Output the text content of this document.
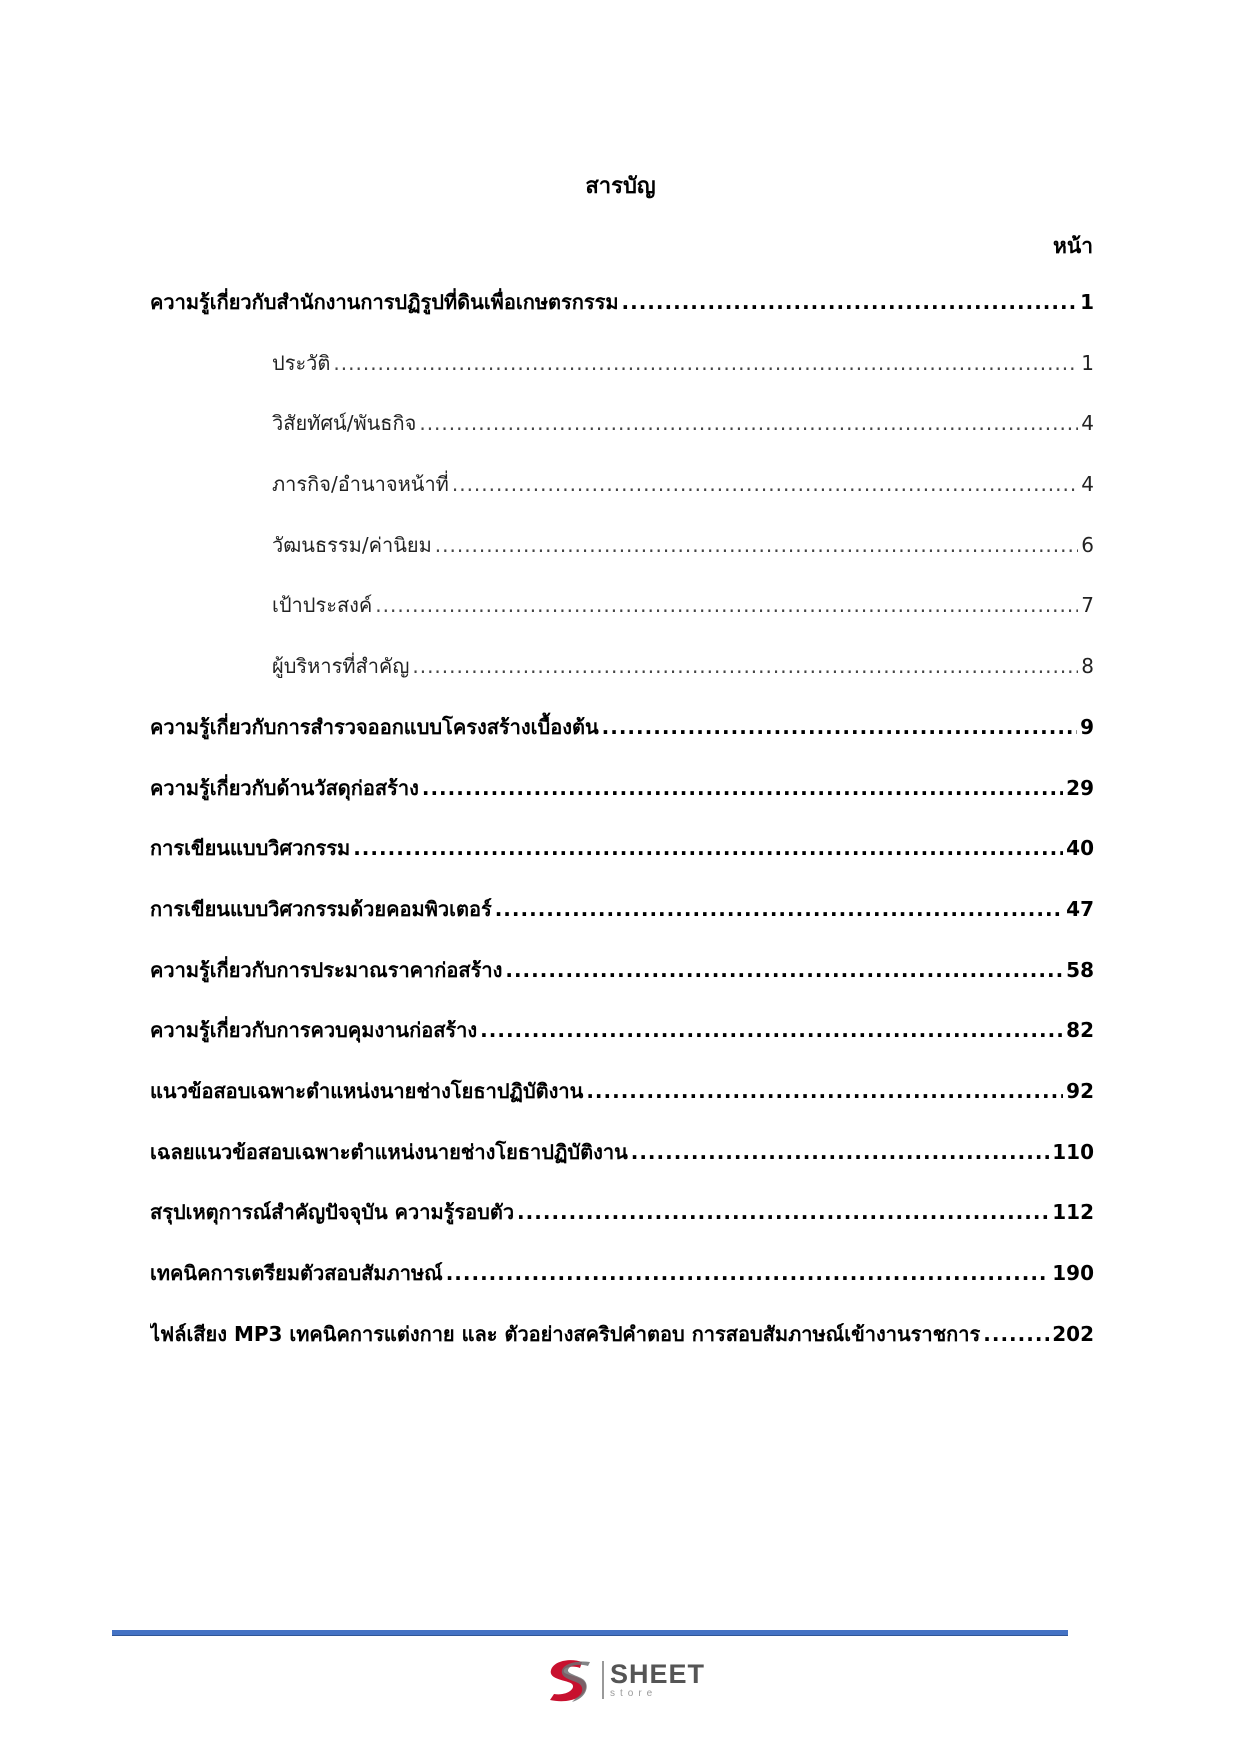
สารบัญ
หน้า
ความรู้เกี่ยวกับสำนักงานการปฏิรูปที่ดินเพื่อเกษตรกรรม .....	1
ประวัติ .....	1
วิสัยทัศน์/พันธกิจ .....	4
ภารกิจ/อำนาจหน้าที่ .....	4
วัฒนธรรม/ค่านิยม .....	6
เป้าประสงค์ .....	7
ผู้บริหารที่สำคัญ .....	8
ความรู้เกี่ยวกับการสำรวจออกแบบโครงสร้างเบื้องต้น .....	9
ความรู้เกี่ยวกับด้านวัสดุก่อสร้าง .....	29
การเขียนแบบวิศวกรรม .....	40
การเขียนแบบวิศวกรรมด้วยคอมพิวเตอร์ .....	47
ความรู้เกี่ยวกับการประมาณราคาก่อสร้าง .....	58
ความรู้เกี่ยวกับการควบคุมงานก่อสร้าง .....	82
แนวข้อสอบเฉพาะตำแหน่งนายช่างโยธาปฏิบัติงาน .....	92
เฉลยแนวข้อสอบเฉพาะตำแหน่งนายช่างโยธาปฏิบัติงาน .....	110
สรุปเหตุการณ์สำคัญปัจจุบัน ความรู้รอบตัว .....	112
เทคนิคการเตรียมตัวสอบสัมภาษณ์ .....	190
ไฟล์เสียง MP3 เทคนิคการแต่งกาย และ ตัวอย่างสคริปคำตอบ การสอบสัมภาษณ์เข้างานราชการ .....	202
SHEET
store
